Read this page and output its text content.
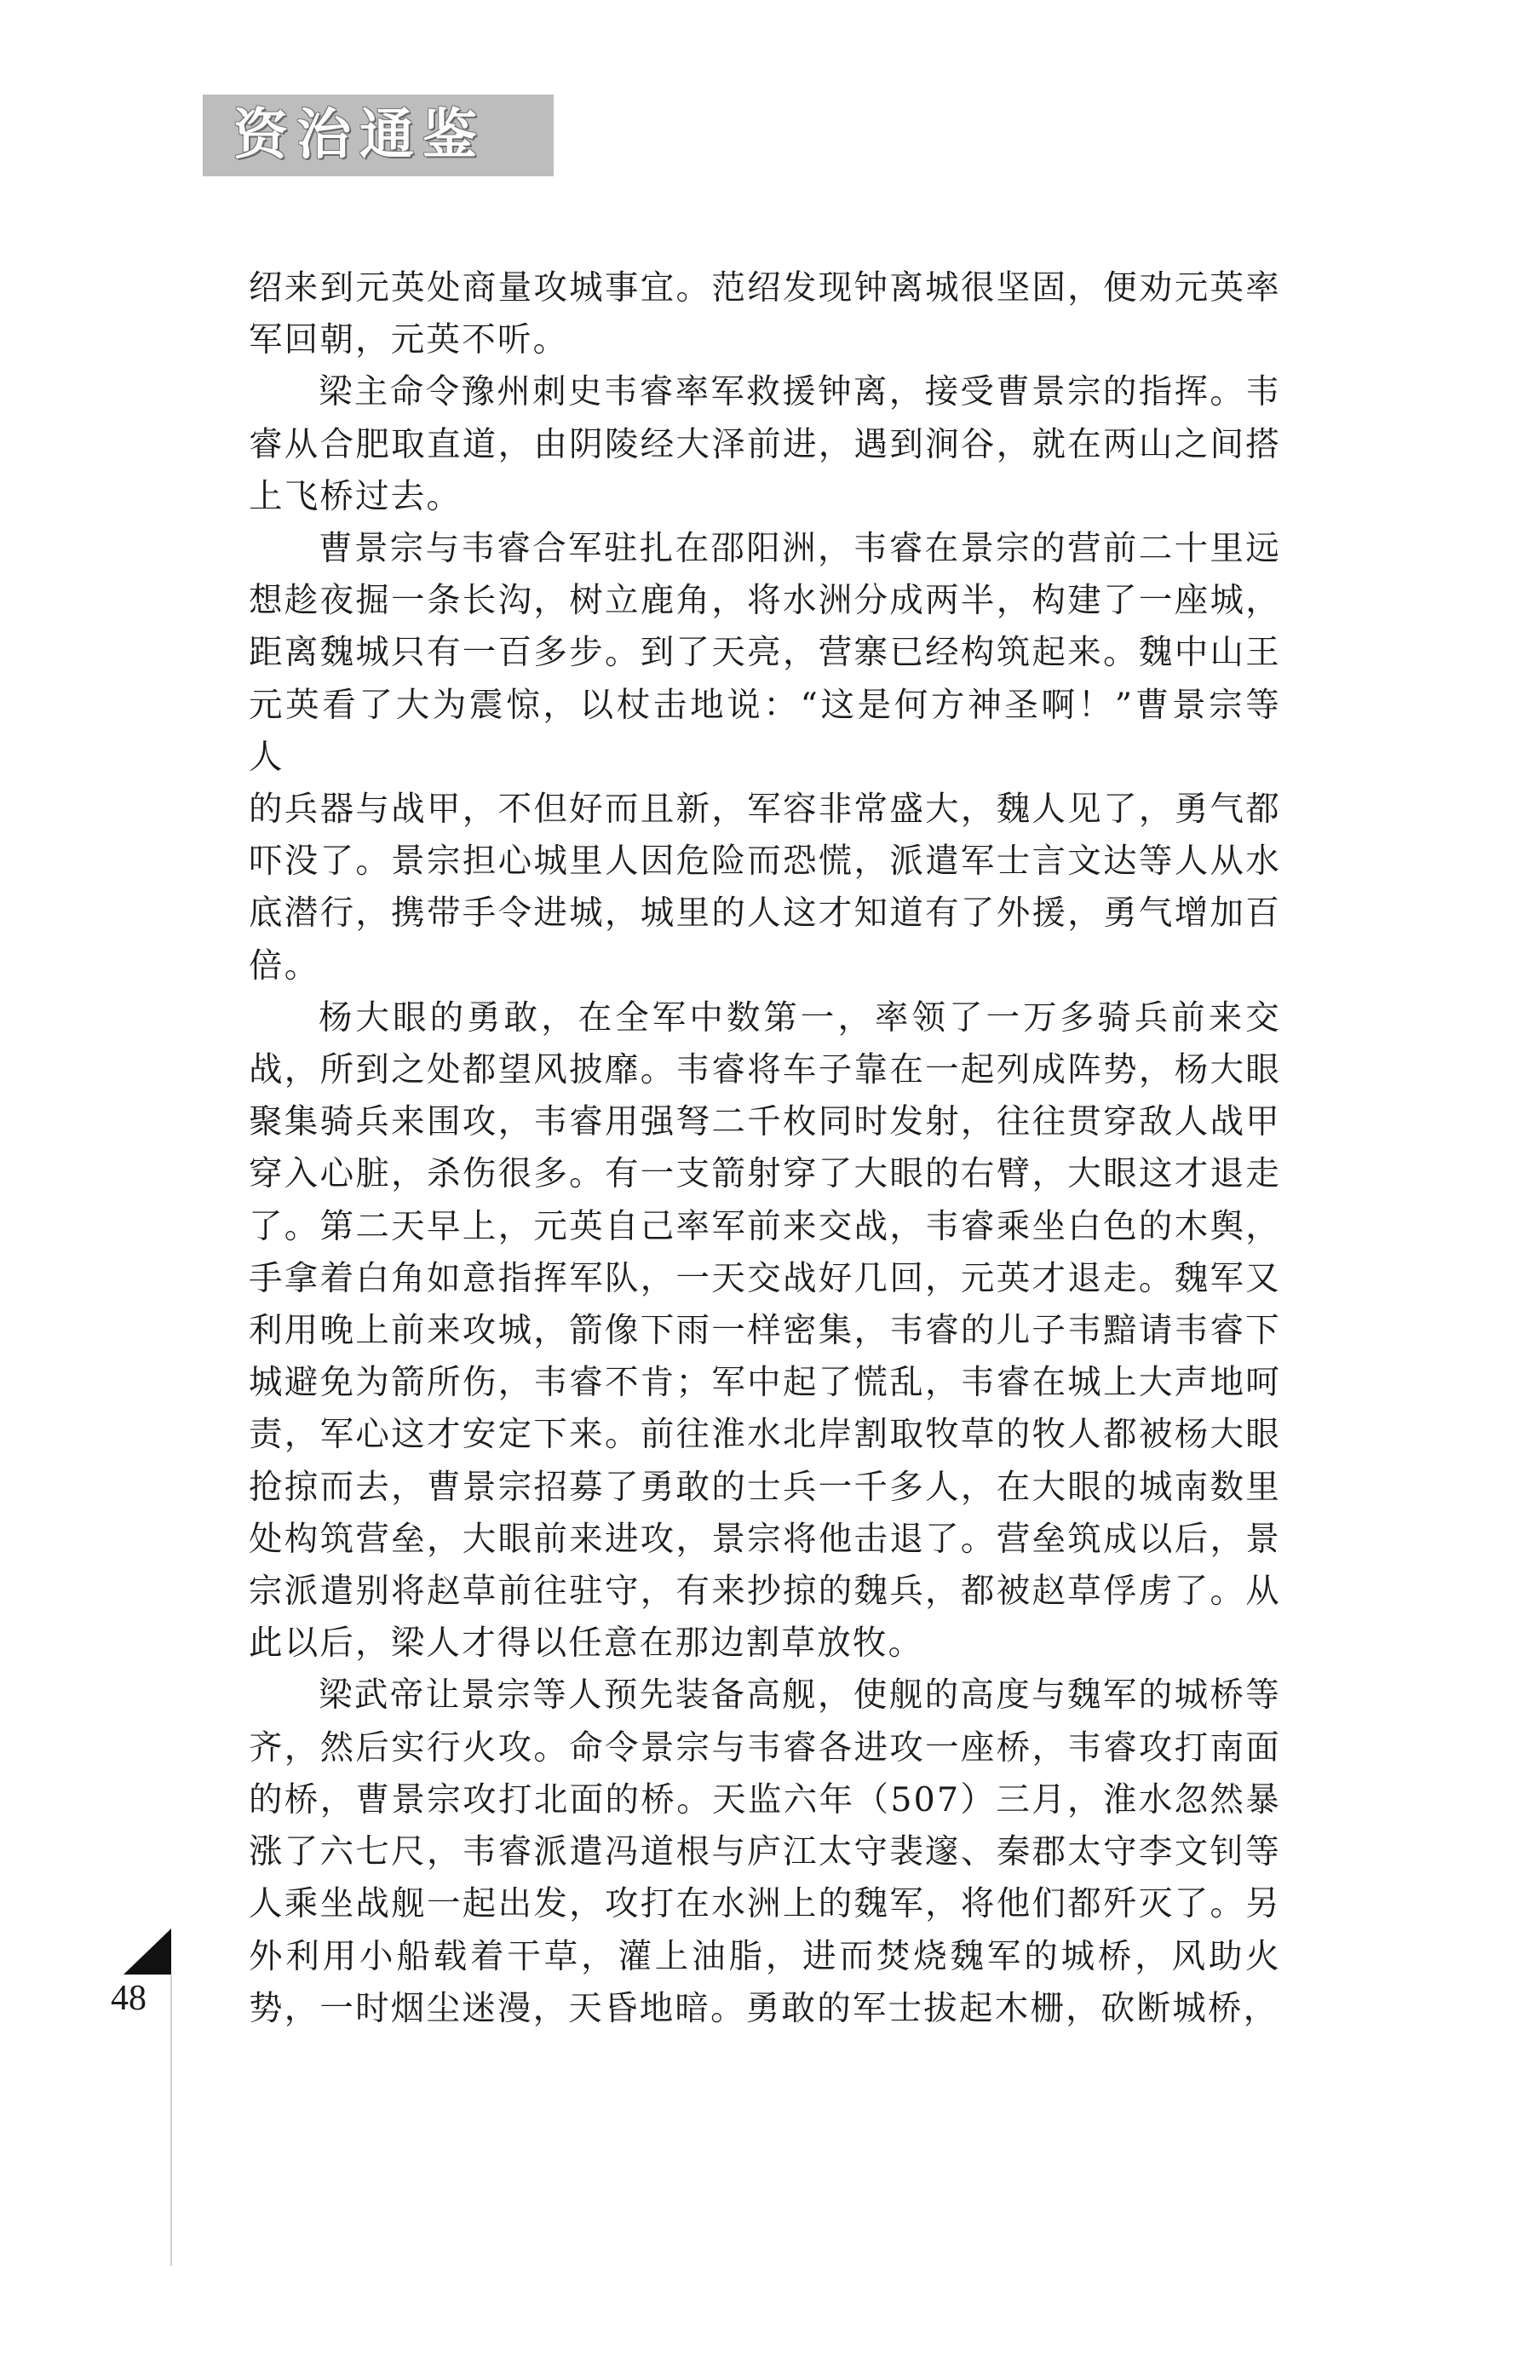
资治通鉴

绍来到元英处商量攻城事宜。范绍发现钟离城很坚固，便劝元英率

军回朝，元英不听。

梁主命令豫州刺史韦睿率军救援钟离，接受曹景宗的指挥。韦

睿从合肥取直道，由阴陵经大泽前进，遇到涧谷，就在两山之间搭

上飞桥过去。

曹景宗与韦睿合军驻扎在邵阳洲，韦睿在景宗的营前二十里远

想趁夜掘一条长沟，树立鹿角，将水洲分成两半，构建了一座城，

距离魏城只有一百多步。到了天亮，营寨已经构筑起来。魏中山王

元英看了大为震惊，以杖击地说：“这是何方神圣啊！”曹景宗等人

的兵器与战甲，不但好而且新，军容非常盛大，魏人见了，勇气都

吓没了。景宗担心城里人因危险而恐慌，派遣军士言文达等人从水

底潜行，携带手令进城，城里的人这才知道有了外援，勇气增加百

倍。

杨大眼的勇敢，在全军中数第一，率领了一万多骑兵前来交

战，所到之处都望风披靡。韦睿将车子靠在一起列成阵势，杨大眼

聚集骑兵来围攻，韦睿用强弩二千枚同时发射，往往贯穿敌人战甲

穿入心脏，杀伤很多。有一支箭射穿了大眼的右臂，大眼这才退走

了。第二天早上，元英自己率军前来交战，韦睿乘坐白色的木舆，

手拿着白角如意指挥军队，一天交战好几回，元英才退走。魏军又

利用晚上前来攻城，箭像下雨一样密集，韦睿的儿子韦黯请韦睿下

城避免为箭所伤，韦睿不肯；军中起了慌乱，韦睿在城上大声地呵

责，军心这才安定下来。前往淮水北岸割取牧草的牧人都被杨大眼

抢掠而去，曹景宗招募了勇敢的士兵一千多人，在大眼的城南数里

处构筑营垒，大眼前来进攻，景宗将他击退了。营垒筑成以后，景

宗派遣别将赵草前往驻守，有来抄掠的魏兵，都被赵草俘虏了。从

此以后，梁人才得以任意在那边割草放牧。

梁武帝让景宗等人预先装备高舰，使舰的高度与魏军的城桥等

齐，然后实行火攻。命令景宗与韦睿各进攻一座桥，韦睿攻打南面

的桥，曹景宗攻打北面的桥。天监六年（507）三月，淮水忽然暴

涨了六七尺，韦睿派遣冯道根与庐江太守裴邃、秦郡太守李文钊等

人乘坐战舰一起出发，攻打在水洲上的魏军，将他们都歼灭了。另

外利用小船载着干草，灌上油脂，进而焚烧魏军的城桥，风助火

势，一时烟尘迷漫，天昏地暗。勇敢的军士拔起木栅，砍断城桥，

48
